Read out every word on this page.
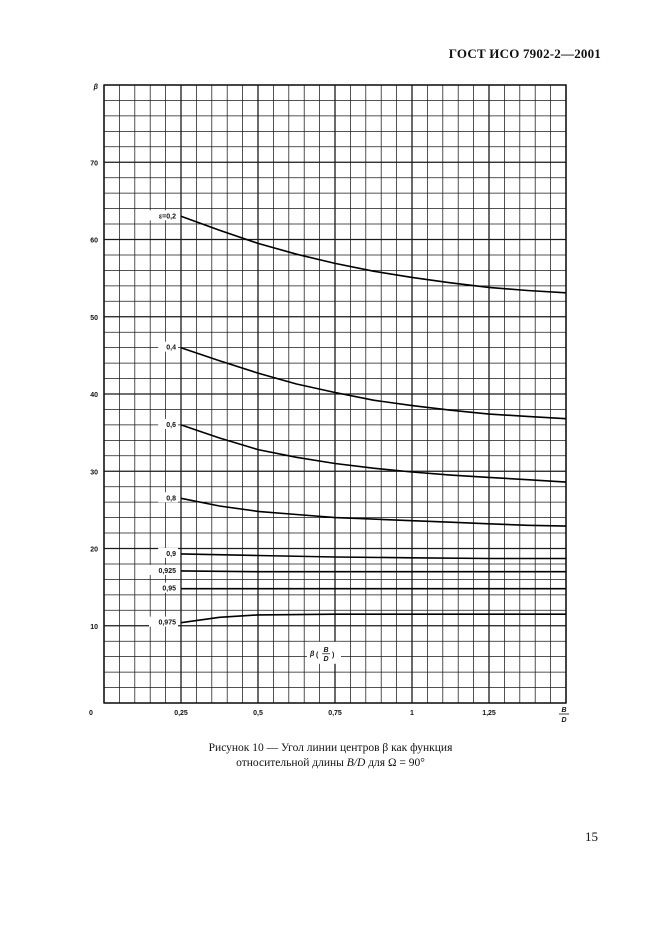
ГОСТ ИСО 7902-2—2001
ε=0,2
0,4
0,6
0,8
0,9
0,925
0,95
0,975
β (
B
D
)
0	0,25	0,5	0,75	1	1,25
10
20
30
40
50
60
70
β
B
D
Рисунок 10 — Угол линии центров β как функция
относительной длины B/D для Ω = 90°
15
